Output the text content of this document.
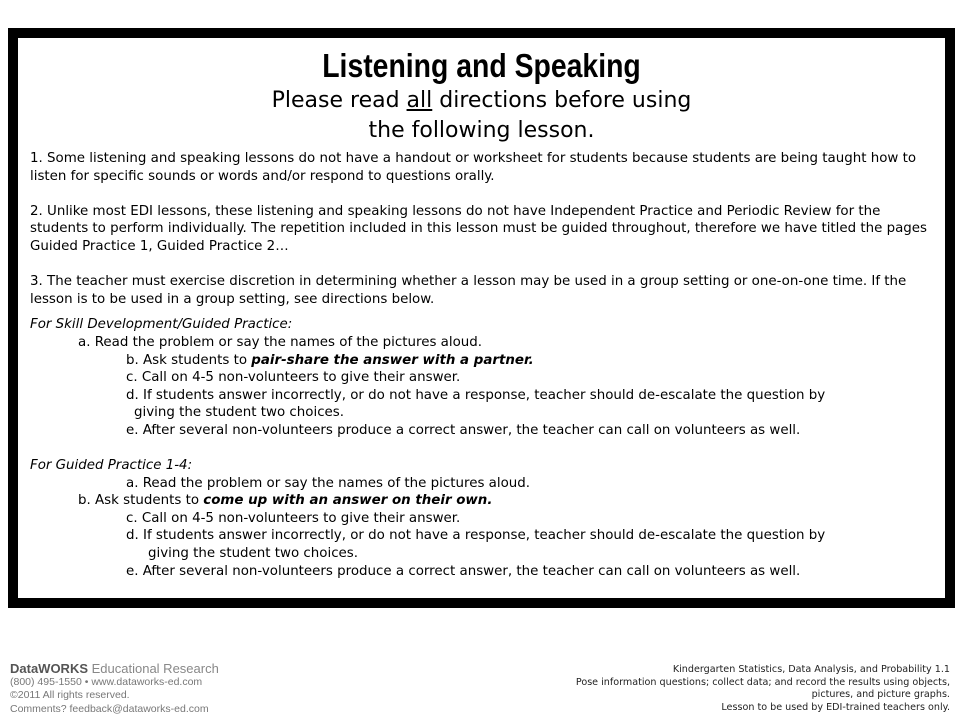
Listening and Speaking
Please read all directions before using
the following lesson.

1. Some listening and speaking lessons do not have a handout or worksheet for students because students are being taught how to listen for specific sounds or words and/or respond to questions orally.

2. Unlike most EDI lessons, these listening and speaking lessons do not have Independent Practice and Periodic Review for the students to perform individually. The repetition included in this lesson must be guided throughout, therefore we have titled the pages Guided Practice 1, Guided Practice 2…

3. The teacher must exercise discretion in determining whether a lesson may be used in a group setting or one-on-one time. If the lesson is to be used in a group setting, see directions below.

For Skill Development/Guided Practice:
a. Read the problem or say the names of the pictures aloud.
b. Ask students to pair-share the answer with a partner.
c. Call on 4-5 non-volunteers to give their answer.
d. If students answer incorrectly, or do not have a response, teacher should de-escalate the question by
giving the student two choices.
e. After several non-volunteers produce a correct answer, the teacher can call on volunteers as well.
For Guided Practice 1-4:
a. Read the problem or say the names of the pictures aloud.
b. Ask students to come up with an answer on their own.
c. Call on 4-5 non-volunteers to give their answer.
d. If students answer incorrectly, or do not have a response, teacher should de-escalate the question by
giving the student two choices.
e. After several non-volunteers produce a correct answer, the teacher can call on volunteers as well.
DataWORKS Educational Research
(800) 495-1550 • www.dataworks-ed.com
©2011 All rights reserved.
Comments? feedback@dataworks-ed.com
Kindergarten Statistics, Data Analysis, and Probability 1.1
Pose information questions; collect data; and record the results using objects,
pictures, and picture graphs.
Lesson to be used by EDI-trained teachers only.
